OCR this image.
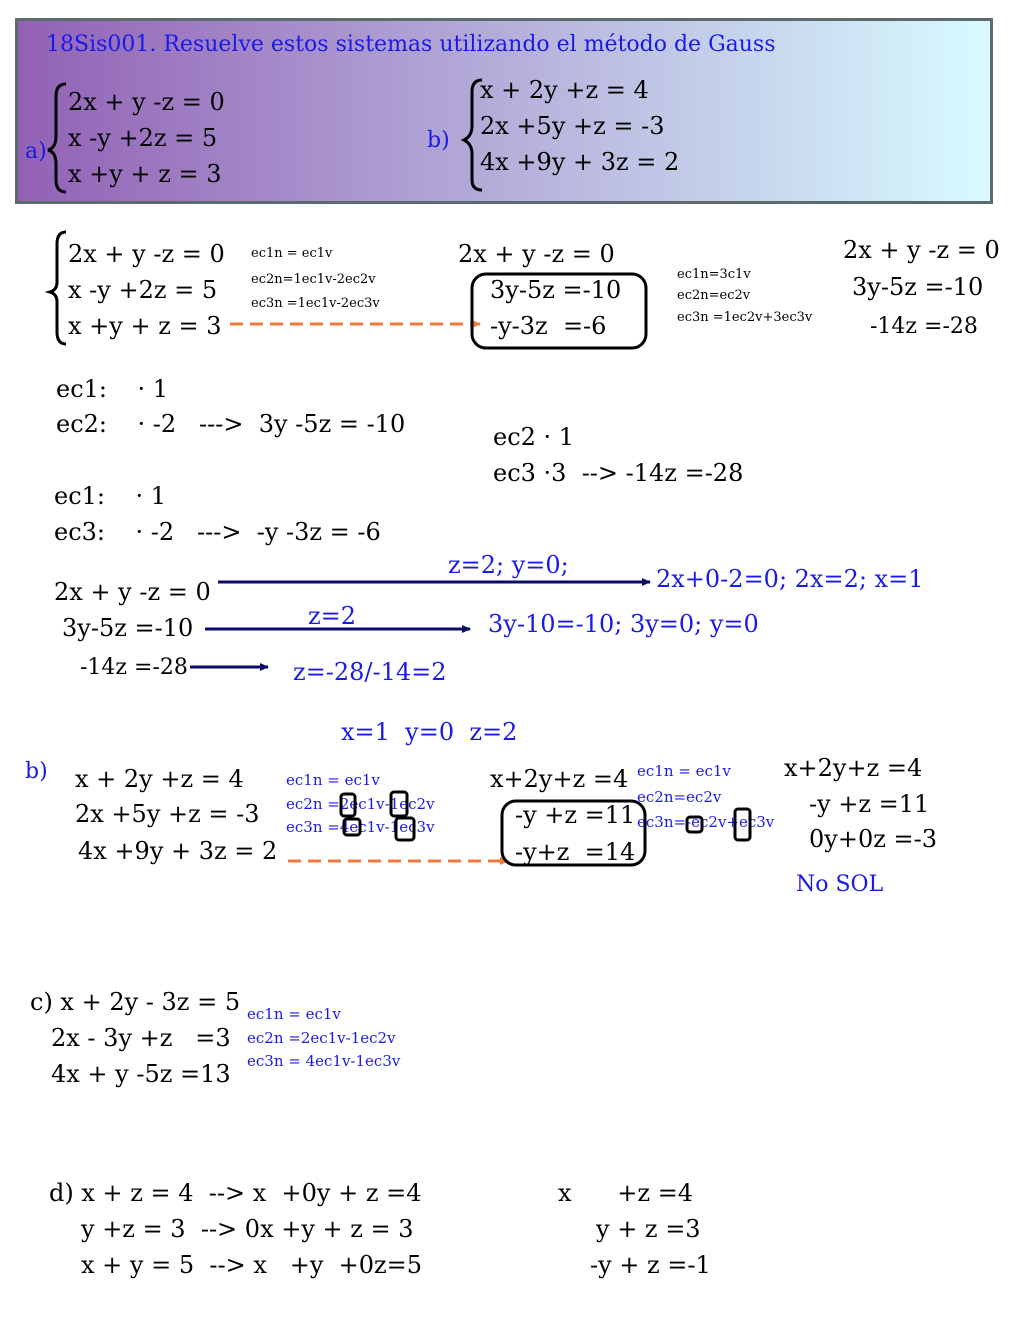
18Sis001. Resuelve estos sistemas utilizando el método de Gauss
a)
2x + y -z = 0
x -y +2z = 5
x +y + z = 3
b)
x + 2y +z = 4
2x +5y +z = -3
4x +9y + 3z = 2
2x + y -z = 0
x -y +2z = 5
x +y + z = 3
ec1n = ec1v
ec2n=1ec1v-2ec2v
ec3n =1ec1v-2ec3v
2x + y -z = 0
3y-5z =-10
-y-3z  =-6
ec1n=3c1v
ec2n=ec2v
ec3n =1ec2v+3ec3v
2x + y -z = 0
3y-5z =-10
-14z =-28
ec1:    · 1
ec2:    · -2   --->  3y -5z = -10	ec2 · 1
ec3 ·3  --> -14z =-28
ec1:    · 1
ec3:    · -2   --->  -y -3z = -6
2x + y -z = 0
3y-5z =-10
-14z =-28
z=2; y=0;
z=2
2x+0-2=0; 2x=2; x=1
3y-10=-10; 3y=0; y=0
z=-28/-14=2
x=1  y=0  z=2
b) x + 2y +z = 4
2x +5y +z = -3
4x +9y + 3z = 2
ec1n = ec1v
ec2n =2ec1v-1ec2v
ec3n =4ec1v-1ec3v
x+2y+z =4
-y +z =11
-y+z  =14
ec1n = ec1v
ec2n=ec2v
ec3n=-ec2v+ec3v
x+2y+z =4
-y +z =11
0y+0z =-3
No SOL
c) x + 2y - 3z = 5
2x - 3y +z   =3
4x + y -5z =13
ec1n = ec1v
ec2n =2ec1v-1ec2v
ec3n = 4ec1v-1ec3v
d) x + z = 4  --> x  +0y + z =4
y +z = 3  --> 0x +y + z = 3
x + y = 5  --> x   +y  +0z=5
x      +z =4
y + z =3
-y + z =-1
